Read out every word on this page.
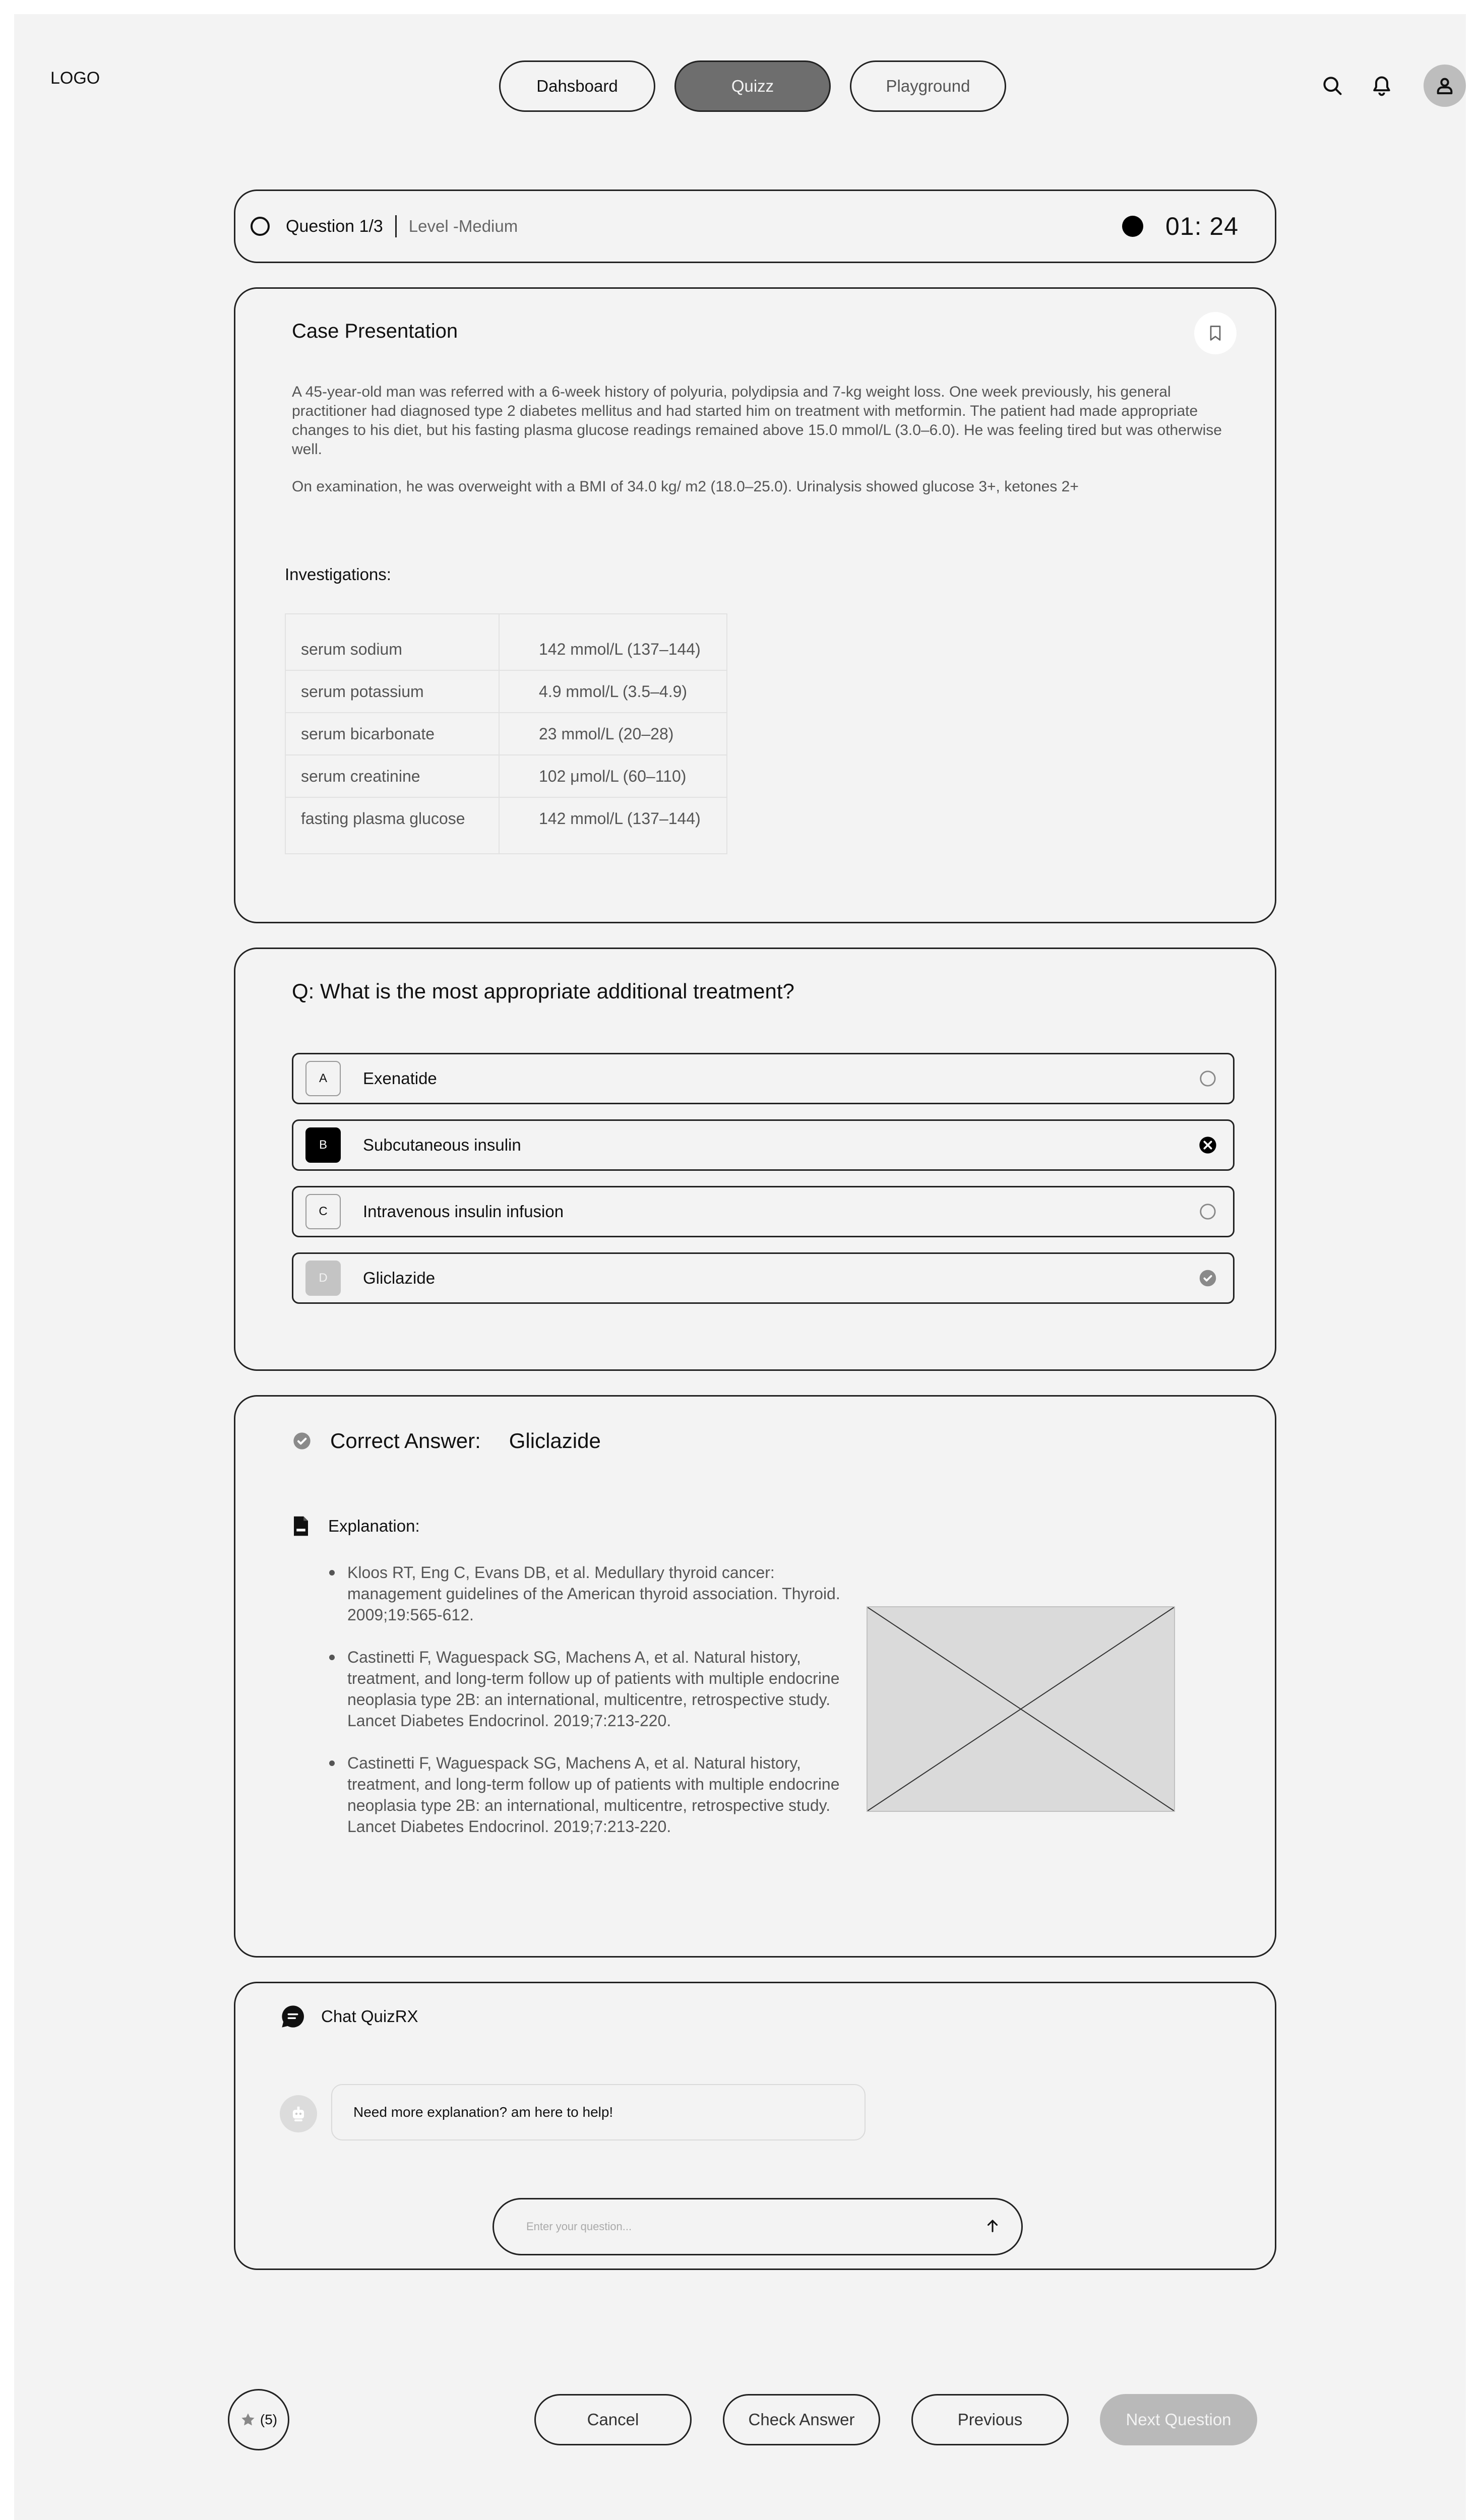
LOGO	Dahsboard	Quizz	Playground
Question 1/3 Level -Medium	01: 24
Case Presentation

A 45-year-old man was referred with a 6-week history of polyuria, polydipsia and 7-kg weight loss. One week previously, his general practitioner had diagnosed type 2 diabetes mellitus and had started him on treatment with metformin. The patient had made appropriate changes to his diet, but his fasting plasma glucose readings remained above 15.0 mmol/L (3.0–6.0). He was feeling tired but was otherwise well.

On examination, he was overweight with a BMI of 34.0 kg/ m2 (18.0–25.0). Urinalysis showed glucose 3+, ketones 2+

Investigations:
serum sodium	142 mmol/L (137–144)
serum potassium	4.9 mmol/L (3.5–4.9)
serum bicarbonate	23 mmol/L (20–28)
serum creatinine	102 μmol/L (60–110)
fasting plasma glucose	142 mmol/L (137–144)
Q: What is the most appropriate additional treatment?
A	Exenatide
B	Subcutaneous insulin
C	Intravenous insulin infusion
D	Gliclazide
Correct Answer: Gliclazide
Explanation:
Kloos RT, Eng C, Evans DB, et al. Medullary thyroid cancer: management guidelines of the American thyroid association. Thyroid. 2009;19:565-612.
Castinetti F, Waguespack SG, Machens A, et al. Natural history, treatment, and long-term follow up of patients with multiple endocrine neoplasia type 2B: an international, multicentre, retrospective study. Lancet Diabetes Endocrinol. 2019;7:213-220.
Castinetti F, Waguespack SG, Machens A, et al. Natural history, treatment, and long-term follow up of patients with multiple endocrine neoplasia type 2B: an international, multicentre, retrospective study. Lancet Diabetes Endocrinol. 2019;7:213-220.
Chat QuizRX
Need more explanation? am here to help!
Enter your question...
(5)	Cancel	Check Answer	Previous	Next Question
